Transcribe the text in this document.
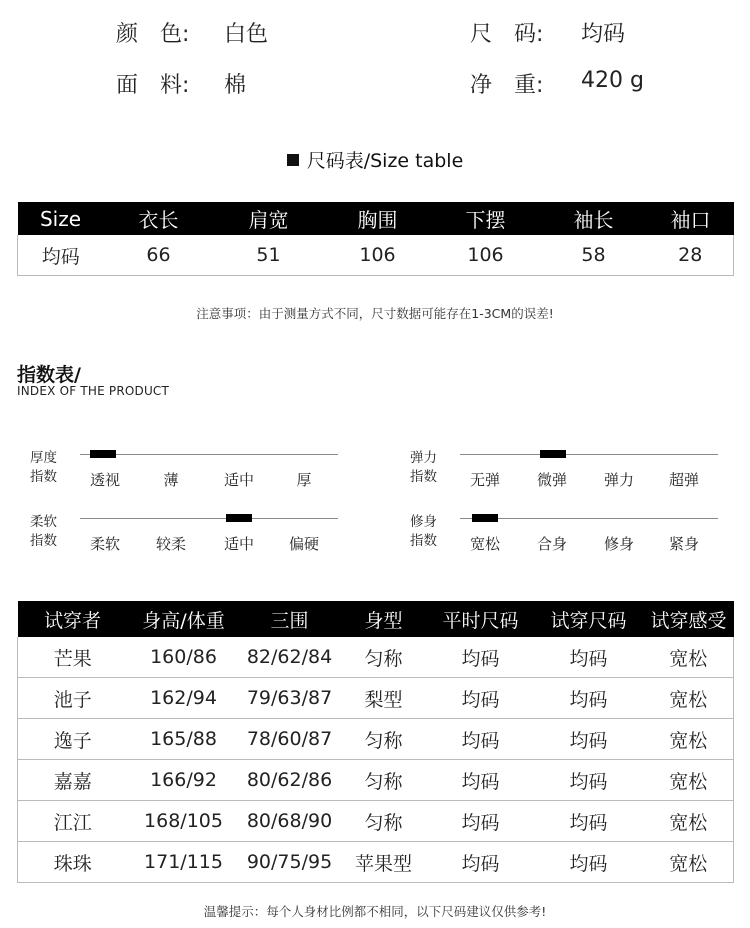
颜　色: 白色	尺　码: 均码
面　料: 棉	净　重: 420 g
尺码表/Size table
Size	衣长	肩宽	胸围	下摆	袖长	袖口
均码	66	51	106	106	58	28
注意事项：由于测量方式不同，尺寸数据可能存在1-3CM的误差!
指数表/
INDEX OF THE PRODUCT
厚度
指数	透视	薄	适中	厚
弹力
指数	无弹	微弹	弹力	超弹
柔软
指数	柔软	较柔	适中	偏硬
修身
指数	宽松	合身	修身	紧身
试穿者	身高/体重	三围	身型	平时尺码	试穿尺码	试穿感受
芒果	160/86	82/62/84	匀称	均码	均码	宽松
池子	162/94	79/63/87	梨型	均码	均码	宽松
逸子	165/88	78/60/87	匀称	均码	均码	宽松
嘉嘉	166/92	80/62/86	匀称	均码	均码	宽松
江江	168/105	80/68/90	匀称	均码	均码	宽松
珠珠	171/115	90/75/95	苹果型	均码	均码	宽松
温馨提示：每个人身材比例都不相同，以下尺码建议仅供参考!
